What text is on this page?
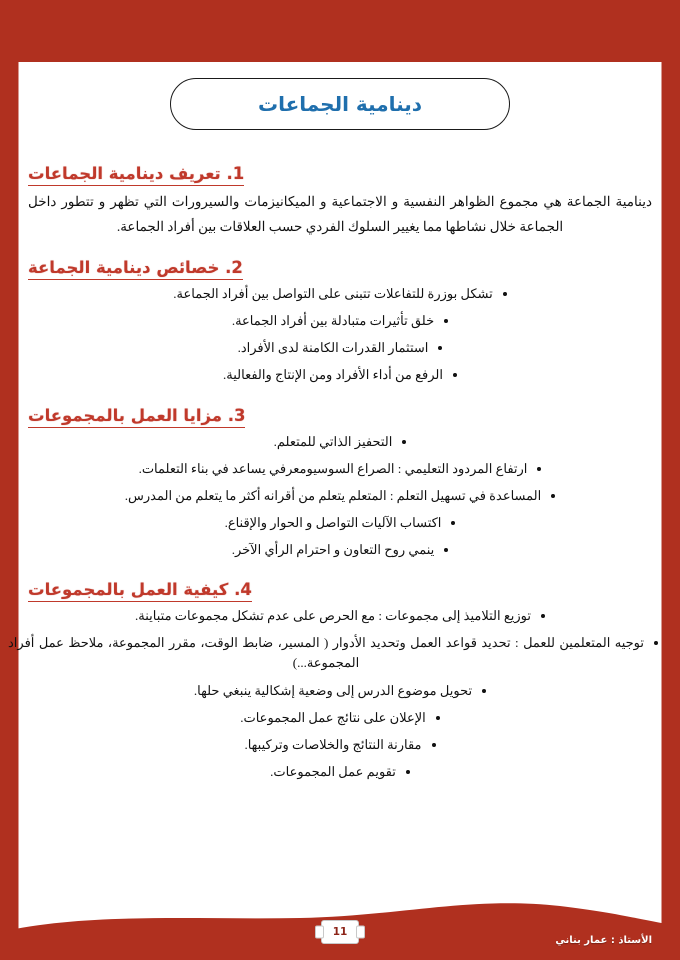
دينامية الجماعات
1. تعريف دينامية الجماعات

دينامية الجماعة هي مجموع الظواهر النفسية و الاجتماعية و الميكانيزمات والسيرورات التي تظهر و تتطور داخل الجماعة خلال نشاطها مما يغيير السلوك الفردي حسب العلاقات بين أفراد الجماعة.

2. خصائص دينامية الجماعة
تشكل بوزرة للتفاعلات تتبنى على التواصل بين أفراد الجماعة.
خلق تأثيرات متبادلة بين أفراد الجماعة.
استثمار القدرات الكامنة لدى الأفراد.
الرفع من أداء الأفراد ومن الإنتاج والفعالية.
3. مزايا العمل بالمجموعات
التحفيز الذاتي للمتعلم.
ارتفاع المردود التعليمي : الصراع السوسيومعرفي يساعد في بناء التعلمات.
المساعدة في تسهيل التعلم : المتعلم يتعلم من أقرانه أكثر ما يتعلم من المدرس.
اكتساب الآليات التواصل و الحوار والإقناع.
ينمي روح التعاون و احترام الرأي الآخر.
4. كيفية العمل بالمجموعات
توزيع التلاميذ إلى مجموعات : مع الحرص على عدم تشكل مجموعات متباينة.
توجيه المتعلمين للعمل : تحديد قواعد العمل وتحديد الأدوار ( المسير، ضابط الوقت، مقرر المجموعة، ملاحظ عمل أفراد المجموعة...)
تحويل موضوع الدرس إلى وضعية إشكالية ينبغي حلها.
الإعلان على نتائج عمل المجموعات.
مقارنة النتائج والخلاصات وتركيبها.
تقويم عمل المجموعات.
الأستاذ : عمار بناني
11
